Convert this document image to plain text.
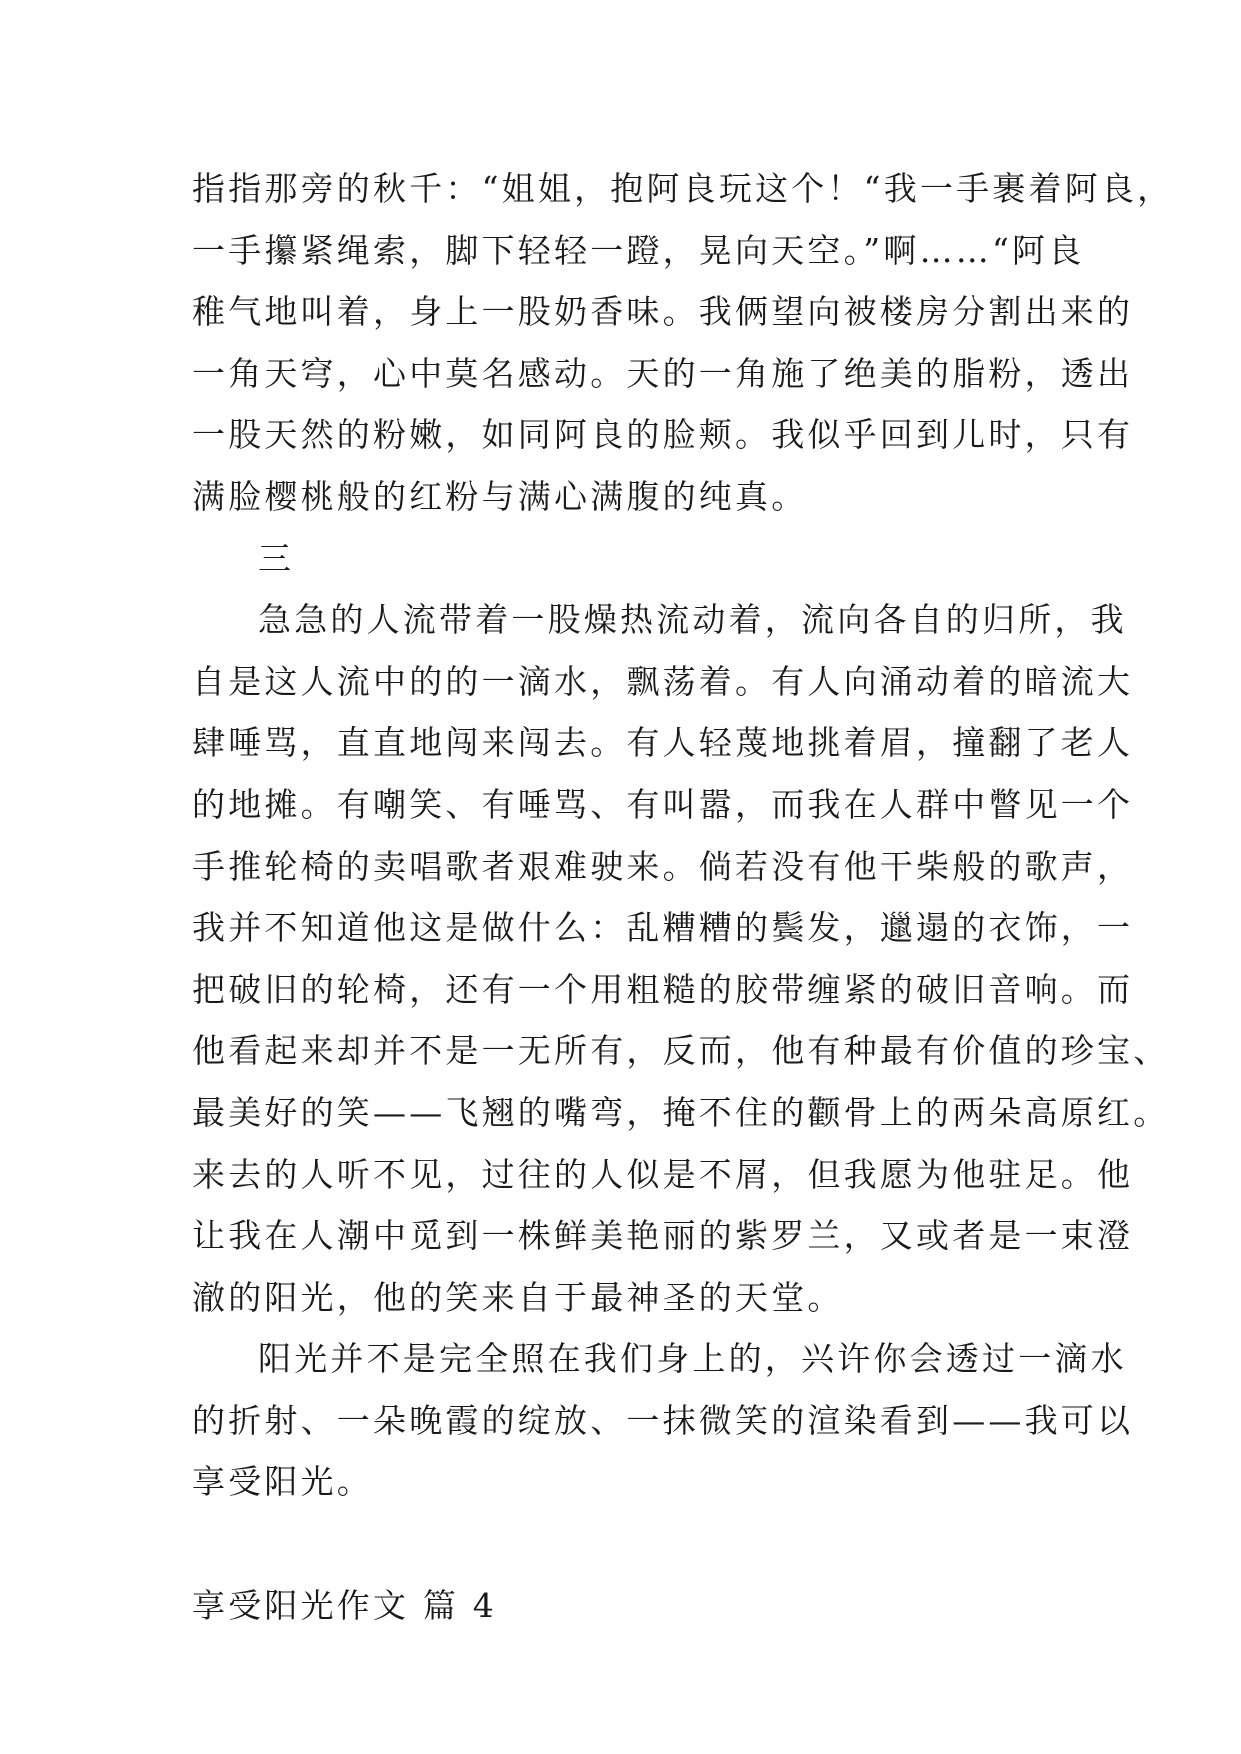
指指那旁的秋千：“姐姐，抱阿良玩这个！“我一手裹着阿良，
一手攥紧绳索，脚下轻轻一蹬，晃向天空。”啊……“阿良
稚气地叫着，身上一股奶香味。我俩望向被楼房分割出来的
一角天穹，心中莫名感动。天的一角施了绝美的脂粉，透出
一股天然的粉嫩，如同阿良的脸颊。我似乎回到儿时，只有
满脸樱桃般的红粉与满心满腹的纯真。
三
急急的人流带着一股燥热流动着，流向各自的归所，我
自是这人流中的的一滴水，飘荡着。有人向涌动着的暗流大
肆唾骂，直直地闯来闯去。有人轻蔑地挑着眉，撞翻了老人
的地摊。有嘲笑、有唾骂、有叫嚣，而我在人群中瞥见一个
手推轮椅的卖唱歌者艰难驶来。倘若没有他干柴般的歌声，
我并不知道他这是做什么：乱糟糟的鬓发，邋遢的衣饰，一
把破旧的轮椅，还有一个用粗糙的胶带缠紧的破旧音响。而
他看起来却并不是一无所有，反而，他有种最有价值的珍宝、
最美好的笑——飞翘的嘴弯，掩不住的颧骨上的两朵高原红。
来去的人听不见，过往的人似是不屑，但我愿为他驻足。他
让我在人潮中觅到一株鲜美艳丽的紫罗兰，又或者是一束澄
澈的阳光，他的笑来自于最神圣的天堂。
阳光并不是完全照在我们身上的，兴许你会透过一滴水
的折射、一朵晚霞的绽放、一抹微笑的渲染看到——我可以
享受阳光。
享受阳光作文 篇 4
